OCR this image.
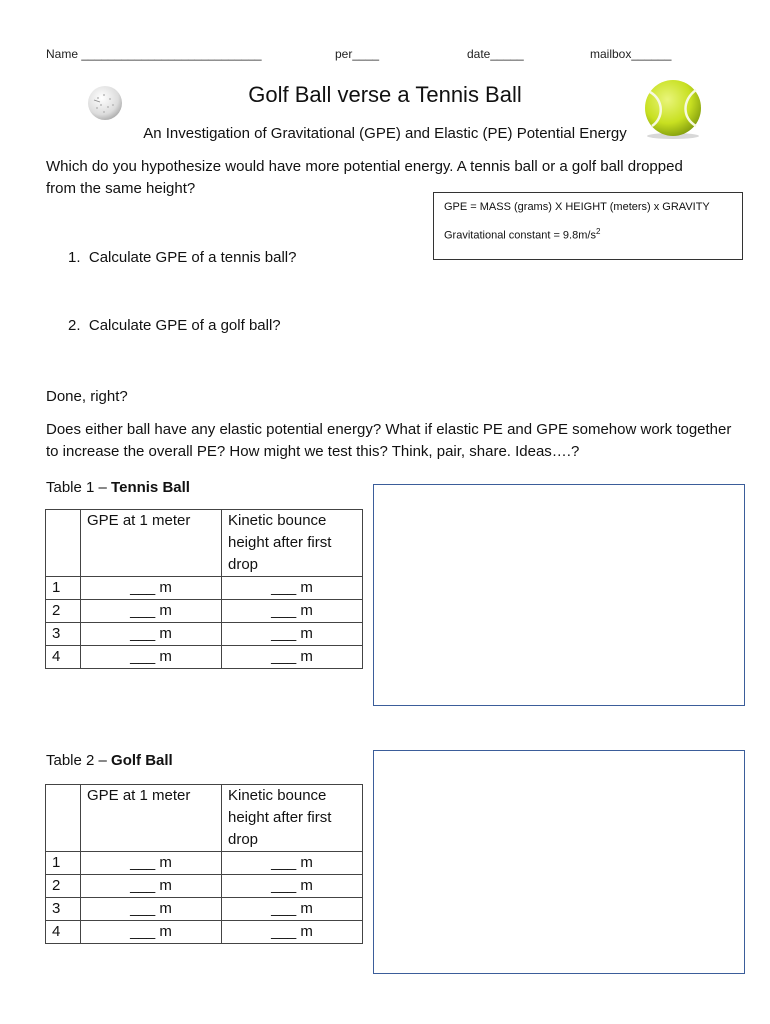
Name ___________________________	per____	date_____	mailbox______
Golf Ball verse a Tennis Ball
An Investigation of Gravitational (GPE) and Elastic (PE) Potential Energy
Which do you hypothesize would have more potential energy. A tennis ball or a golf ball dropped from the same height?
GPE = MASS (grams) X HEIGHT (meters) x GRAVITY
Gravitational constant = $9.8m/s^2$
1. Calculate GPE of a tennis ball?
2. Calculate GPE of a golf ball?
Done, right?
Does either ball have any elastic potential energy? What if elastic PE and GPE somehow work together to increase the overall PE? How might we test this? Think, pair, share. Ideas….?
Table 1 – Tennis Ball
	GPE at 1 meter	Kinetic bounce height after first drop
1	___ m	___ m
2	___ m	___ m
3	___ m	___ m
4	___ m	___ m
Table 2 – Golf Ball
	GPE at 1 meter	Kinetic bounce height after first drop
1	___ m	___ m
2	___ m	___ m
3	___ m	___ m
4	___ m	___ m
